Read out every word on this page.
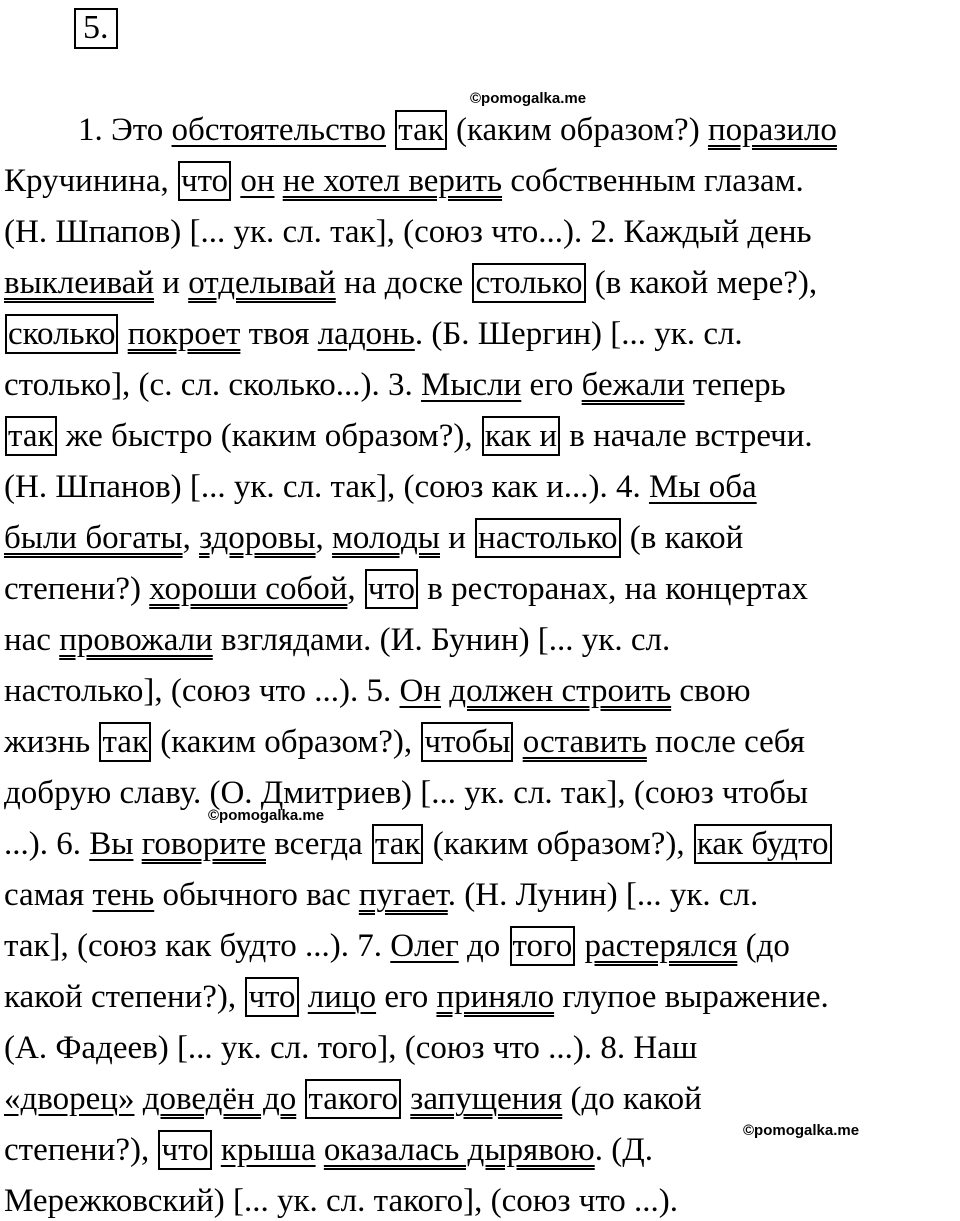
5.
©pomogalka.me
©pomogalka.me
©pomogalka.me
1. Это обстоятельство так (каким образом?) поразило
Кручинина, что он не хотел верить собственным глазам.
(Н. Шпапов) [... ук. сл. так], (союз что...). 2. Каждый день
выклеивай и отделывай на доске столько (в какой мере?),
сколько покроет твоя ладонь. (Б. Шергин) [... ук. сл.
столько], (с. сл. сколько...). 3. Мысли его бежали теперь
так же быстро (каким образом?), как и в начале встречи.
(Н. Шпанов) [... ук. сл. так], (союз как и...). 4. Мы оба
были богаты, здоровы, молоды и настолько (в какой
степени?) хороши собой, что в ресторанах, на концертах
нас провожали взглядами. (И. Бунин) [... ук. сл.
настолько], (союз что ...). 5. Он должен строить свою
жизнь так (каким образом?), чтобы оставить после себя
добрую славу. (О. Дмитриев) [... ук. сл. так], (союз чтобы
...). 6. Вы говорите всегда так (каким образом?), как будто
самая тень обычного вас пугает. (Н. Лунин) [... ук. сл.
так], (союз как будто ...). 7. Олег до того растерялся (до
какой степени?), что лицо его приняло глупое выражение.
(А. Фадеев) [... ук. сл. того], (союз что ...). 8. Наш
«дворец» доведён до такого запущения (до какой
степени?), что крыша оказалась дырявою. (Д.
Мережковский) [... ук. сл. такого], (союз что ...).
